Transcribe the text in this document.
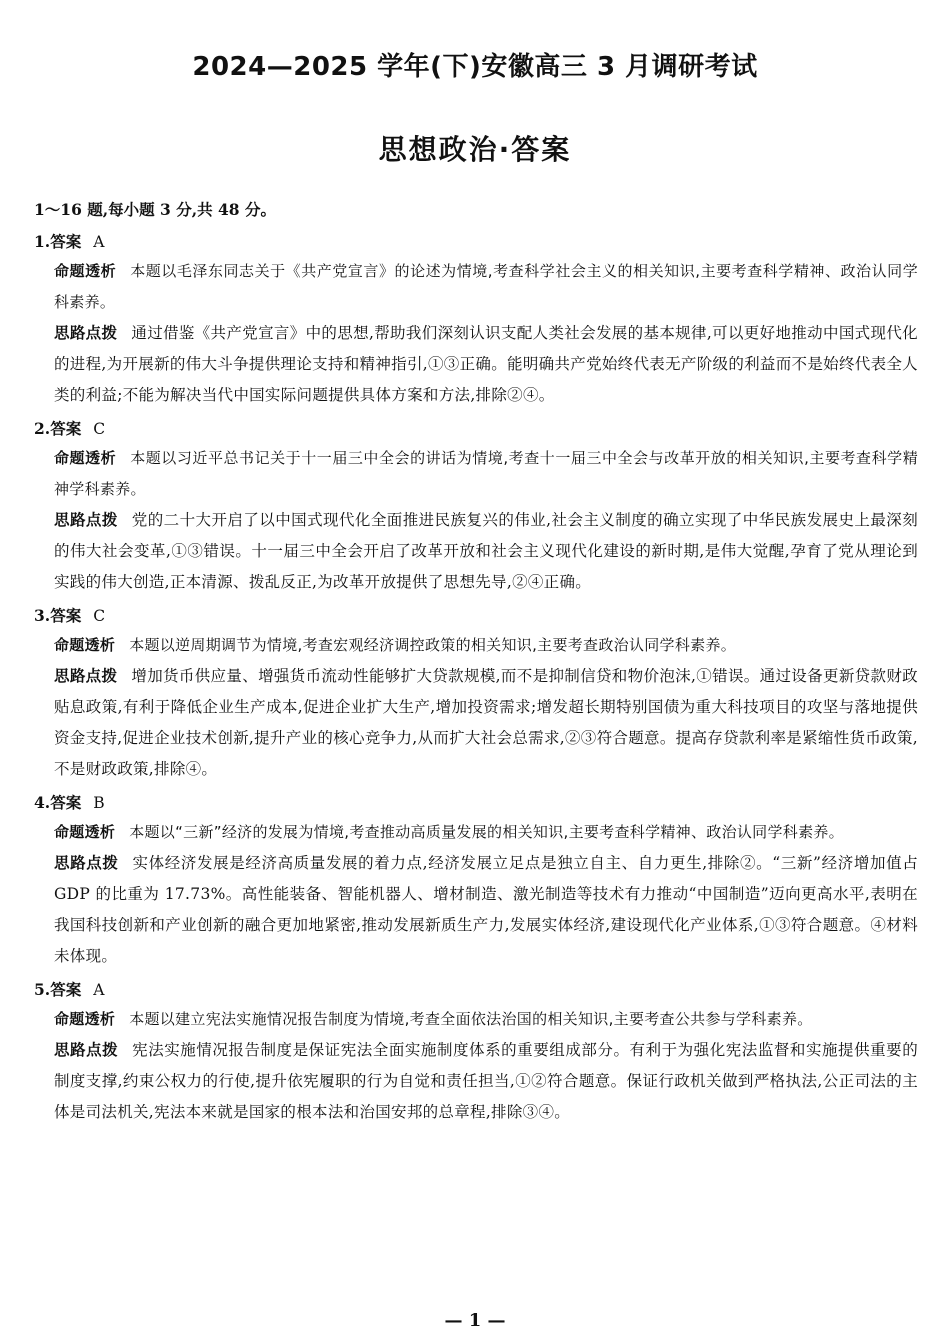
2024—2025 学年(下)安徽高三 3 月调研考试
思想政治·答案
1～16 题,每小题 3 分,共 48 分。
1.答案 A
命题透析 本题以毛泽东同志关于《共产党宣言》的论述为情境,考查科学社会主义的相关知识,主要考查科学精神、政治认同学科素养。
思路点拨 通过借鉴《共产党宣言》中的思想,帮助我们深刻认识支配人类社会发展的基本规律,可以更好地推动中国式现代化的进程,为开展新的伟大斗争提供理论支持和精神指引,①③正确。能明确共产党始终代表无产阶级的利益而不是始终代表全人类的利益;不能为解决当代中国实际问题提供具体方案和方法,排除②④。
2.答案 C
命题透析 本题以习近平总书记关于十一届三中全会的讲话为情境,考查十一届三中全会与改革开放的相关知识,主要考查科学精神学科素养。
思路点拨 党的二十大开启了以中国式现代化全面推进民族复兴的伟业,社会主义制度的确立实现了中华民族发展史上最深刻的伟大社会变革,①③错误。十一届三中全会开启了改革开放和社会主义现代化建设的新时期,是伟大觉醒,孕育了党从理论到实践的伟大创造,正本清源、拨乱反正,为改革开放提供了思想先导,②④正确。
3.答案 C
命题透析 本题以逆周期调节为情境,考查宏观经济调控政策的相关知识,主要考查政治认同学科素养。
思路点拨 增加货币供应量、增强货币流动性能够扩大贷款规模,而不是抑制信贷和物价泡沫,①错误。通过设备更新贷款财政贴息政策,有利于降低企业生产成本,促进企业扩大生产,增加投资需求;增发超长期特别国债为重大科技项目的攻坚与落地提供资金支持,促进企业技术创新,提升产业的核心竞争力,从而扩大社会总需求,②③符合题意。提高存贷款利率是紧缩性货币政策,不是财政政策,排除④。
4.答案 B
命题透析 本题以“三新”经济的发展为情境,考查推动高质量发展的相关知识,主要考查科学精神、政治认同学科素养。
思路点拨 实体经济发展是经济高质量发展的着力点,经济发展立足点是独立自主、自力更生,排除②。“三新”经济增加值占 GDP 的比重为 17.73%。高性能装备、智能机器人、增材制造、激光制造等技术有力推动“中国制造”迈向更高水平,表明在我国科技创新和产业创新的融合更加地紧密,推动发展新质生产力,发展实体经济,建设现代化产业体系,①③符合题意。④材料未体现。
5.答案 A
命题透析 本题以建立宪法实施情况报告制度为情境,考查全面依法治国的相关知识,主要考查公共参与学科素养。
思路点拨 宪法实施情况报告制度是保证宪法全面实施制度体系的重要组成部分。有利于为强化宪法监督和实施提供重要的制度支撑,约束公权力的行使,提升依宪履职的行为自觉和责任担当,①②符合题意。保证行政机关做到严格执法,公正司法的主体是司法机关,宪法本来就是国家的根本法和治国安邦的总章程,排除③④。
— 1 —
